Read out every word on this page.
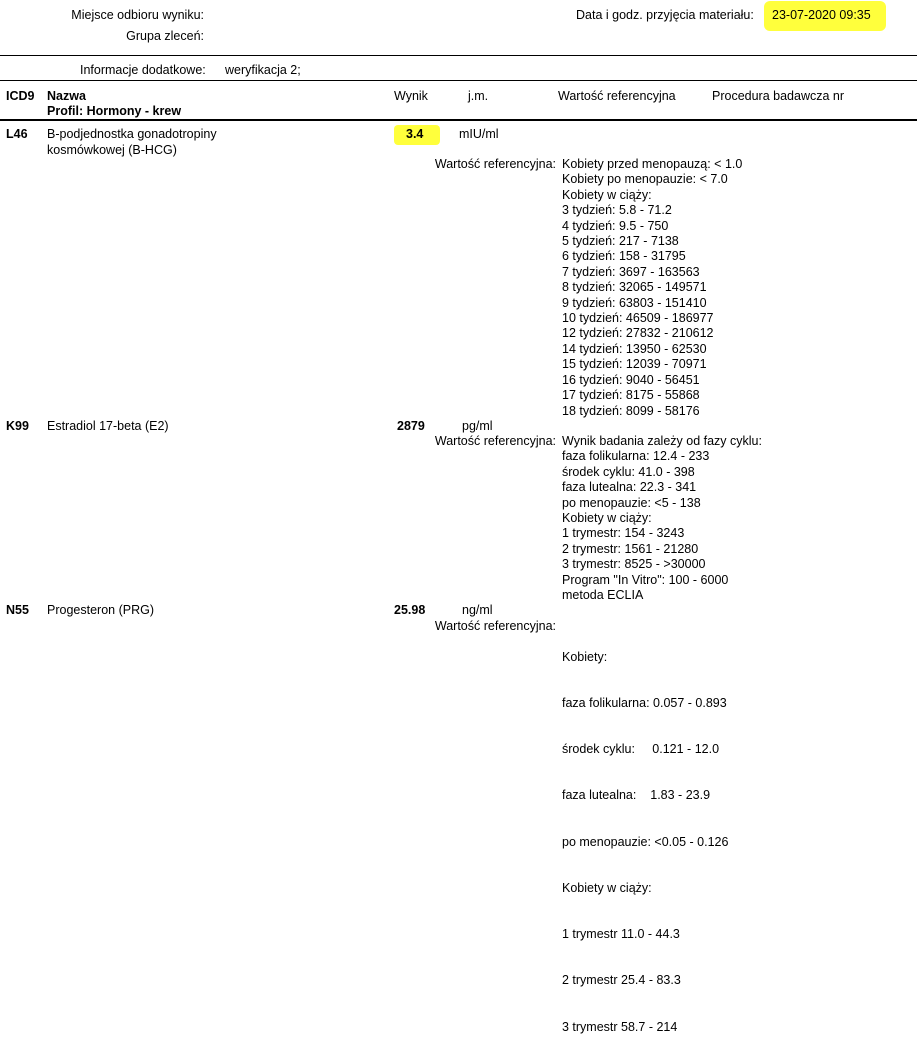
Miejsce odbioru wyniku:
Grupa zleceń:
Data i godz. przyjęcia materiału: 23-07-2020 09:35
Informacje dodatkowe: weryfikacja 2;
ICD9 Nazwa
Profil: Hormony - krew
Wynik	j.m.	Wartość referencyjna	Procedura badawcza nr
L46 B-podjednostka gonadotropiny
kosmówkowej (B-HCG)
3.4	mIU/ml
Wartość referencyjna: Kobiety przed menopauzą: < 1.0
Kobiety po menopauzie: < 7.0
Kobiety w ciąży:
3 tydzień: 5.8 - 71.2
4 tydzień: 9.5 - 750
5 tydzień: 217 - 7138
6 tydzień: 158 - 31795
7 tydzień: 3697 - 163563
8 tydzień: 32065 - 149571
9 tydzień: 63803 - 151410
10 tydzień: 46509 - 186977
12 tydzień: 27832 - 210612
14 tydzień: 13950 - 62530
15 tydzień: 12039 - 70971
16 tydzień: 9040 - 56451
17 tydzień: 8175 - 55868
18 tydzień: 8099 - 58176
K99 Estradiol 17-beta (E2)	2879	pg/ml
Wartość referencyjna: Wynik badania zależy od fazy cyklu:
faza folikularna: 12.4 - 233
środek cyklu: 41.0 - 398
faza lutealna: 22.3 - 341
po menopauzie: <5 - 138
Kobiety w ciąży:
1 trymestr: 154 - 3243
2 trymestr: 1561 - 21280
3 trymestr: 8525 - >30000
Program "In Vitro": 100 - 6000
metoda ECLIA
N55 Progesteron (PRG)	25.98	ng/ml
Wartość referencyjna:

Kobiety:

faza folikularna: 0.057 - 0.893

środek cyklu:     0.121 - 12.0

faza lutealna:    1.83 - 23.9

po menopauzie: <0.05 - 0.126

Kobiety w ciąży:

1 trymestr 11.0 - 44.3

2 trymestr 25.4 - 83.3

3 trymestr 58.7 - 214
